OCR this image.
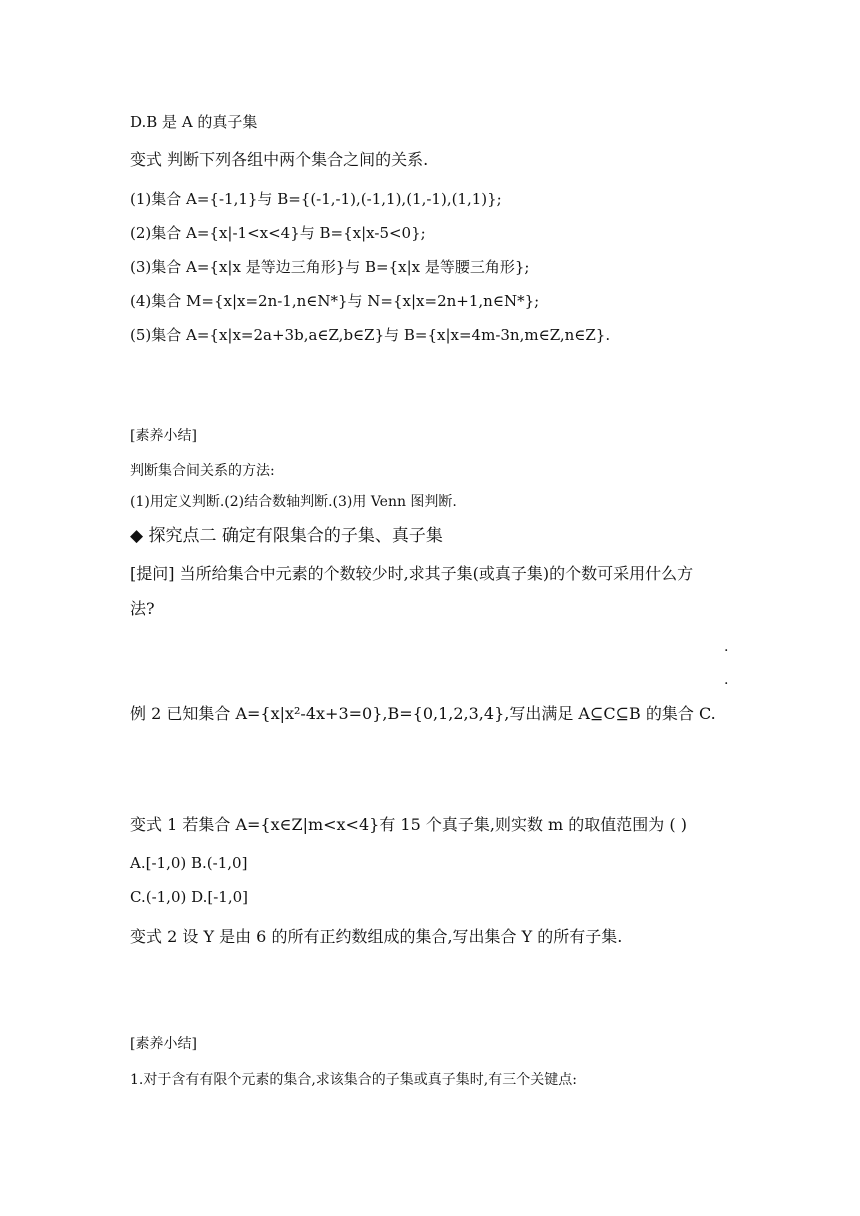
D.B 是 A 的真子集
变式 判断下列各组中两个集合之间的关系.
(1)集合 A={-1,1}与 B={(-1,-1),(-1,1),(1,-1),(1,1)};
(2)集合 A={x|-1<x<4}与 B={x|x-5<0};
(3)集合 A={x|x 是等边三角形}与 B={x|x 是等腰三角形};
(4)集合 M={x|x=2n-1,n∈N*}与 N={x|x=2n+1,n∈N*};
(5)集合 A={x|x=2a+3b,a∈Z,b∈Z}与 B={x|x=4m-3n,m∈Z,n∈Z}.
[素养小结]
判断集合间关系的方法:
(1)用定义判断.(2)结合数轴判断.(3)用 Venn 图判断.
◆ 探究点二 确定有限集合的子集、真子集
[提问] 当所给集合中元素的个数较少时,求其子集(或真子集)的个数可采用什么方
法?
.
.
例 2 已知集合 A={x|x²-4x+3=0},B={0,1,2,3,4},写出满足 A⊆C⊆B 的集合 C.
变式 1 若集合 A={x∈Z|m<x<4}有 15 个真子集,则实数 m 的取值范围为 ( )
A.[-1,0) B.(-1,0]
C.(-1,0) D.[-1,0]
变式 2 设 Y 是由 6 的所有正约数组成的集合,写出集合 Y 的所有子集.
[素养小结]
1.对于含有有限个元素的集合,求该集合的子集或真子集时,有三个关键点:
